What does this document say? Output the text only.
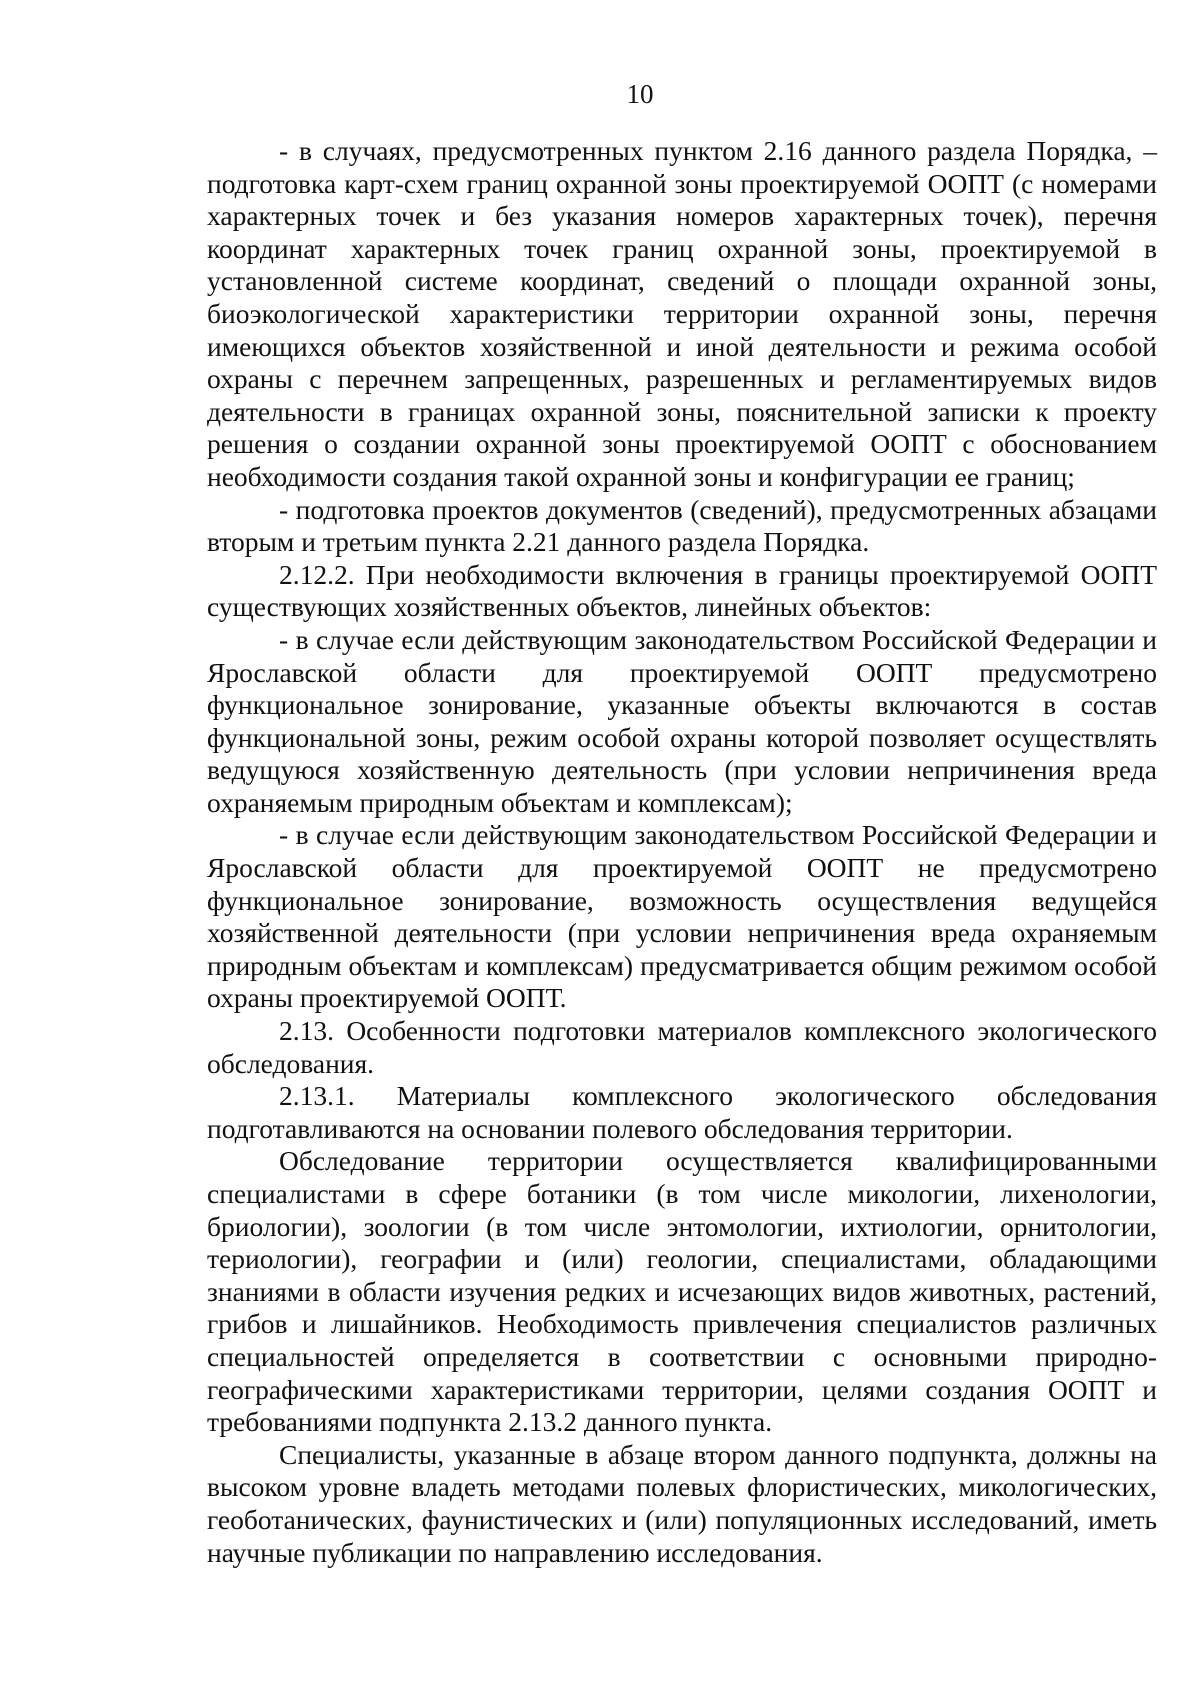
10

- в случаях, предусмотренных пунктом 2.16 данного раздела Порядка, – подготовка карт-схем границ охранной зоны проектируемой ООПТ (с номерами характерных точек и без указания номеров характерных точек), перечня координат характерных точек границ охранной зоны, проектируемой в установленной системе координат, сведений о площади охранной зоны, биоэкологической характеристики территории охранной зоны, перечня имеющихся объектов хозяйственной и иной деятельности и режима особой охраны с перечнем запрещенных, разрешенных и регламентируемых видов деятельности в границах охранной зоны, пояснительной записки к проекту решения о создании охранной зоны проектируемой ООПТ с обоснованием необходимости создания такой охранной зоны и конфигурации ее границ;

- подготовка проектов документов (сведений), предусмотренных абзацами вторым и третьим пункта 2.21 данного раздела Порядка.

2.12.2. При необходимости включения в границы проектируемой ООПТ существующих хозяйственных объектов, линейных объектов:

- в случае если действующим законодательством Российской Федерации и Ярославской области для проектируемой ООПТ предусмотрено функциональное зонирование, указанные объекты включаются в состав функциональной зоны, режим особой охраны которой позволяет осуществлять ведущуюся хозяйственную деятельность (при условии непричинения вреда охраняемым природным объектам и комплексам);

- в случае если действующим законодательством Российской Федерации и Ярославской области для проектируемой ООПТ не предусмотрено функциональное зонирование, возможность осуществления ведущейся хозяйственной деятельности (при условии непричинения вреда охраняемым природным объектам и комплексам) предусматривается общим режимом особой охраны проектируемой ООПТ.

2.13. Особенности подготовки материалов комплексного экологического обследования.

2.13.1. Материалы комплексного экологического обследования подготавливаются на основании полевого обследования территории.

Обследование территории осуществляется квалифицированными специалистами в сфере ботаники (в том числе микологии, лихенологии, бриологии), зоологии (в том числе энтомологии, ихтиологии, орнитологии, териологии), географии и (или) геологии, специалистами, обладающими знаниями в области изучения редких и исчезающих видов животных, растений, грибов и лишайников. Необходимость привлечения специалистов различных специальностей определяется в соответствии с основными природно-географическими характеристиками территории, целями создания ООПТ и требованиями подпункта 2.13.2 данного пункта.

Специалисты, указанные в абзаце втором данного подпункта, должны на высоком уровне владеть методами полевых флористических, микологических, геоботанических, фаунистических и (или) популяционных исследований, иметь научные публикации по направлению исследования.
